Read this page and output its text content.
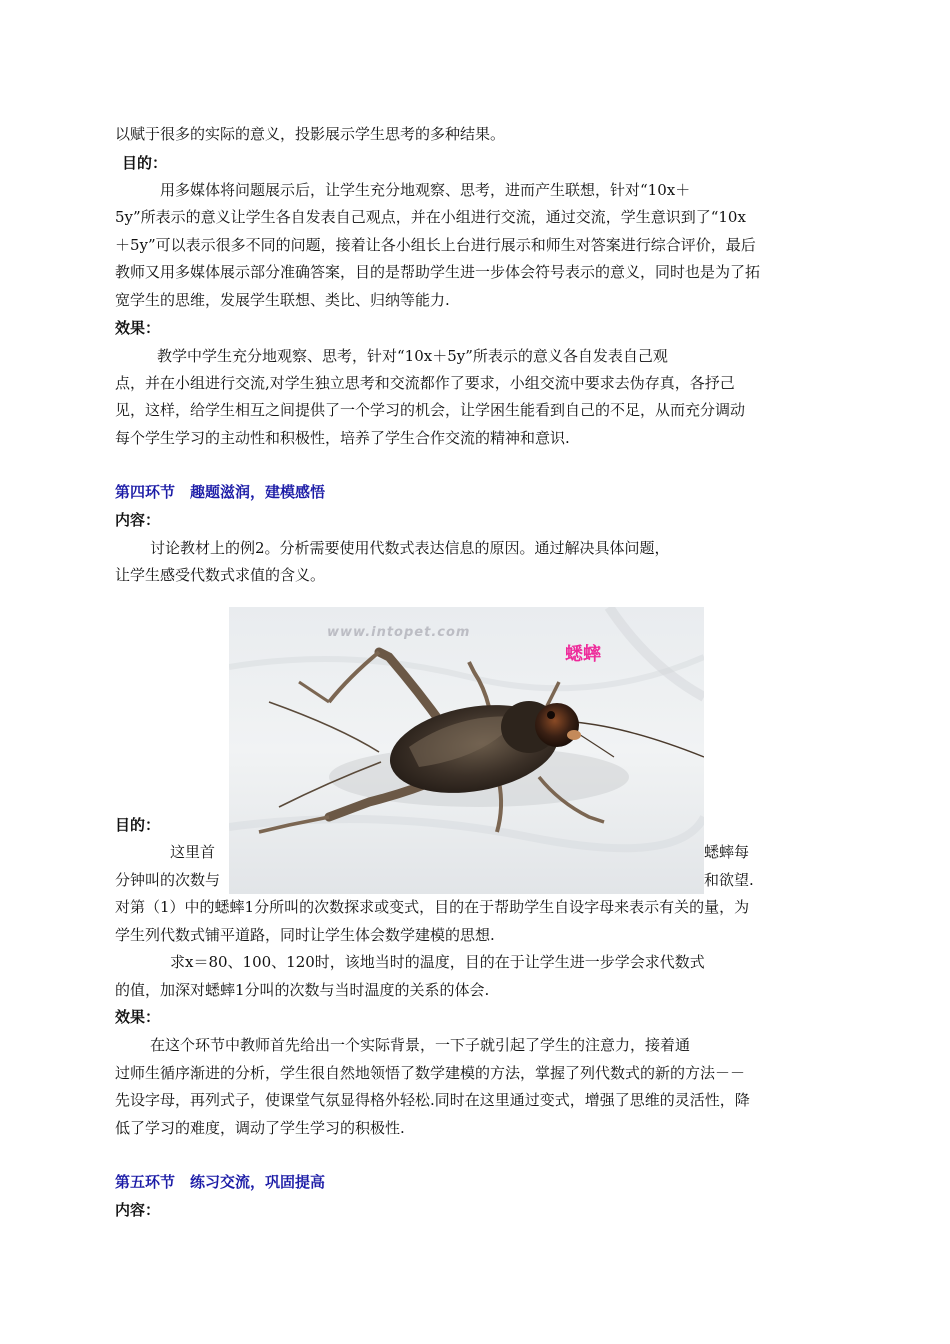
以赋于很多的实际的意义，投影展示学生思考的多种结果。
目的：
用多媒体将问题展示后，让学生充分地观察、思考，进而产生联想，针对“10x＋
5y”所表示的意义让学生各自发表自己观点，并在小组进行交流，通过交流，学生意识到了“10x
＋5y”可以表示很多不同的问题，接着让各小组长上台进行展示和师生对答案进行综合评价，最后
教师又用多媒体展示部分准确答案，目的是帮助学生进一步体会符号表示的意义，同时也是为了拓
宽学生的思维，发展学生联想、类比、归纳等能力.
效果：
教学中学生充分地观察、思考，针对“10x＋5y”所表示的意义各自发表自己观
点，并在小组进行交流,对学生独立思考和交流都作了要求，小组交流中要求去伪存真，各抒己
见，这样，给学生相互之间提供了一个学习的机会，让学困生能看到自己的不足，从而充分调动
每个学生学习的主动性和积极性，培养了学生合作交流的精神和意识.
第四环节　趣题滋润，建模感悟
内容：
讨论教材上的例2。分析需要使用代数式表达信息的原因。通过解决具体问题，
让学生感受代数式求值的含义。
目的：
这里首	蟋蟀每
分钟叫的次数与	和欲望.
www.intopet.com
蟋蟀
对第（1）中的蟋蟀1分所叫的次数探求或变式，目的在于帮助学生自设字母来表示有关的量，为
学生列代数式铺平道路，同时让学生体会数学建模的思想.
求x＝80、100、120时，该地当时的温度，目的在于让学生进一步学会求代数式
的值，加深对蟋蟀1分叫的次数与当时温度的关系的体会.
效果：
在这个环节中教师首先给出一个实际背景，一下子就引起了学生的注意力，接着通
过师生循序渐进的分析，学生很自然地领悟了数学建模的方法，掌握了列代数式的新的方法－－
先设字母，再列式子，使课堂气氛显得格外轻松.同时在这里通过变式，增强了思维的灵活性，降
低了学习的难度，调动了学生学习的积极性.
第五环节　练习交流，巩固提高
内容：
